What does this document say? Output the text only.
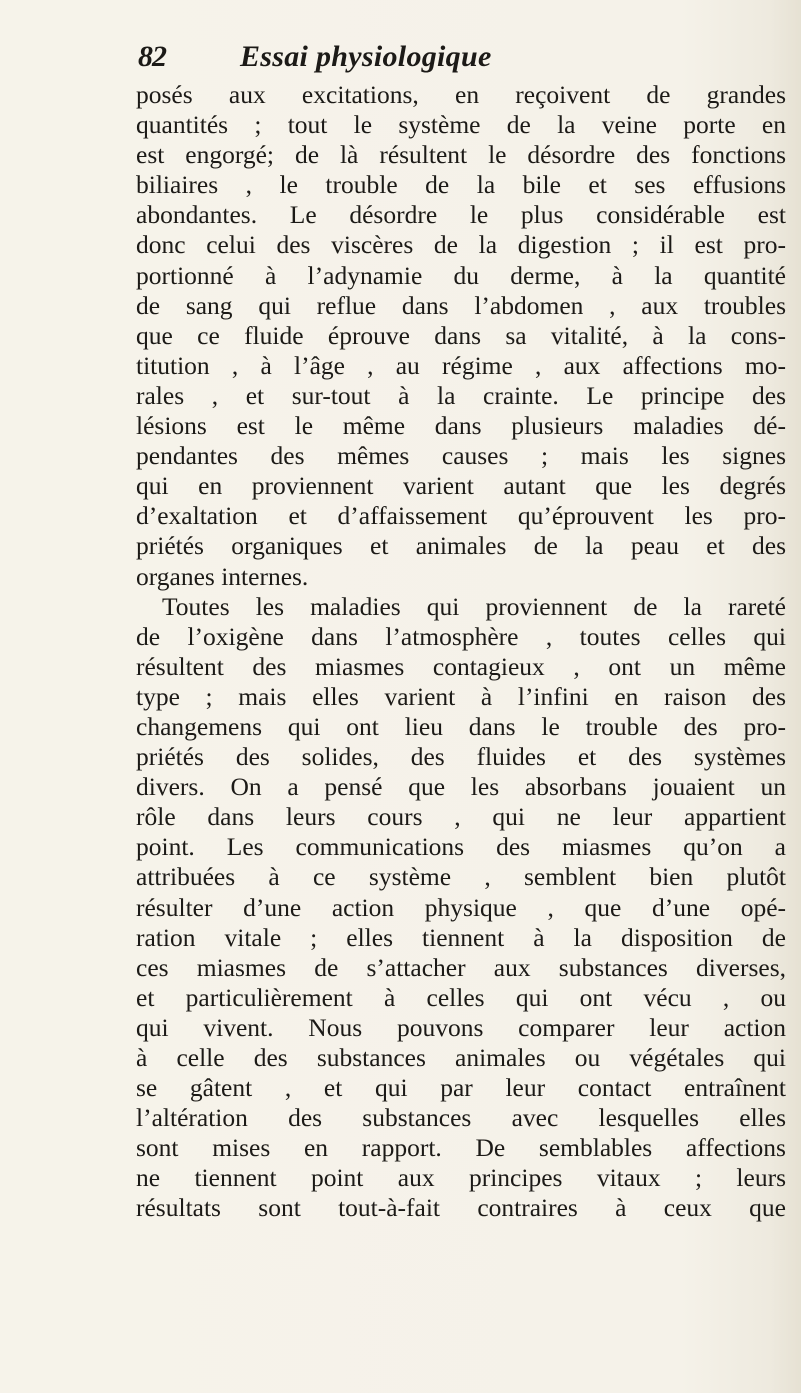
82 Essai physiologique
posés aux excitations, en reçoivent de grandes
quantités ; tout le système de la veine porte en
est engorgé; de là résultent le désordre des fonctions
biliaires , le trouble de la bile et ses effusions
abondantes. Le désordre le plus considérable est
donc celui des viscères de la digestion ; il est pro-
portionné à l’adynamie du derme, à la quantité
de sang qui reflue dans l’abdomen , aux troubles
que ce fluide éprouve dans sa vitalité, à la cons-
titution , à l’âge , au régime , aux affections mo-
rales , et sur-tout à la crainte. Le principe des
lésions est le même dans plusieurs maladies dé-
pendantes des mêmes causes ; mais les signes
qui en proviennent varient autant que les degrés
d’exaltation et d’affaissement qu’éprouvent les pro-
priétés organiques et animales de la peau et des
organes internes.
Toutes les maladies qui proviennent de la rareté
de l’oxigène dans l’atmosphère , toutes celles qui
résultent des miasmes contagieux , ont un même
type ; mais elles varient à l’infini en raison des
changemens qui ont lieu dans le trouble des pro-
priétés des solides, des fluides et des systèmes
divers. On a pensé que les absorbans jouaient un
rôle dans leurs cours , qui ne leur appartient
point. Les communications des miasmes qu’on a
attribuées à ce système , semblent bien plutôt
résulter d’une action physique , que d’une opé-
ration vitale ; elles tiennent à la disposition de
ces miasmes de s’attacher aux substances diverses,
et particulièrement à celles qui ont vécu , ou
qui vivent. Nous pouvons comparer leur action
à celle des substances animales ou végétales qui
se gâtent , et qui par leur contact entraînent
l’altération des substances avec lesquelles elles
sont mises en rapport. De semblables affections
ne tiennent point aux principes vitaux ; leurs
résultats sont tout-à-fait contraires à ceux que
